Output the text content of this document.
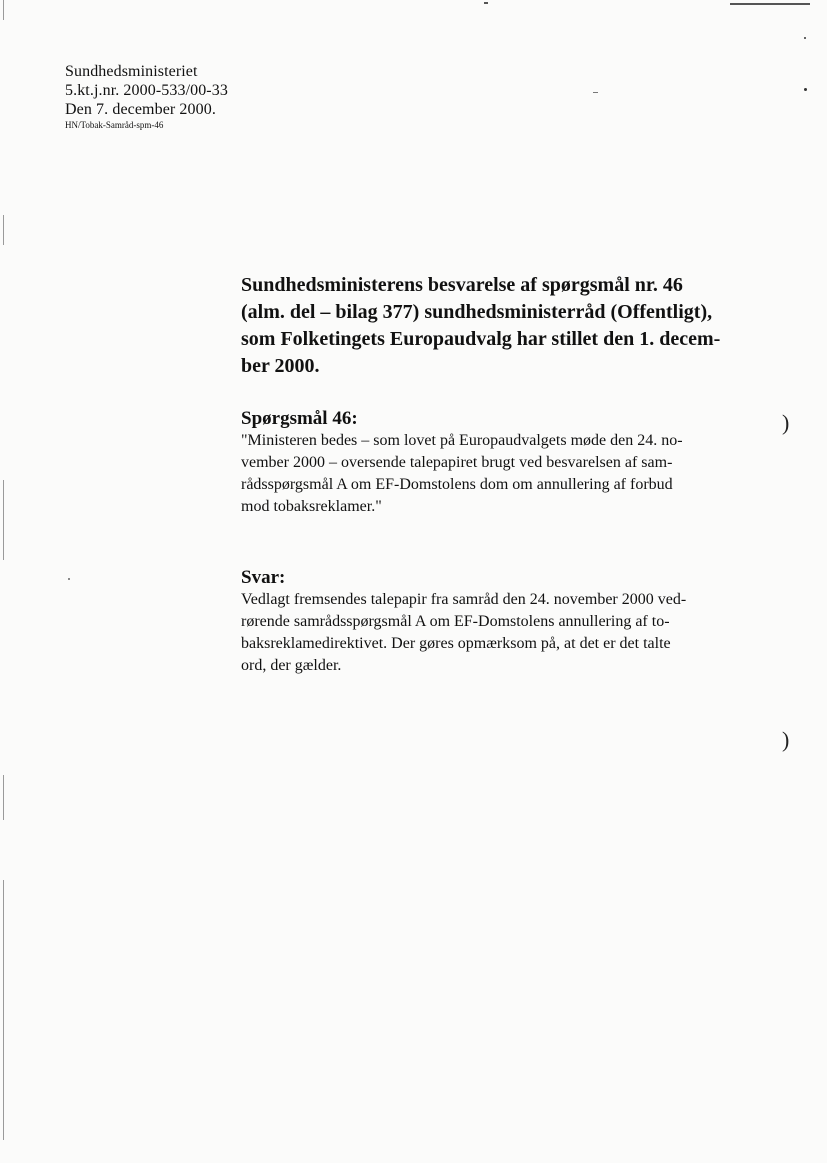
Sundhedsministeriet
5.kt.j.nr. 2000-533/00-33
Den 7. december 2000.
HN/Tobak-Samråd-spm-46
Sundhedsministerens besvarelse af spørgsmål nr. 46
(alm. del – bilag 377) sundhedsministerråd (Offentligt),
som Folketingets Europaudvalg har stillet den 1. decem-
ber 2000.
Spørgsmål 46:
"Ministeren bedes – som lovet på Europaudvalgets møde den 24. no-
vember 2000 – oversende talepapiret brugt ved besvarelsen af sam-
rådsspørgsmål A om EF-Domstolens dom om annullering af forbud
mod tobaksreklamer."
Svar:
Vedlagt fremsendes talepapir fra samråd den 24. november 2000 ved-
rørende samrådsspørgsmål A om EF-Domstolens annullering af to-
baksreklamedirektivet. Der gøres opmærksom på, at det er det talte
ord, der gælder.
)
)
